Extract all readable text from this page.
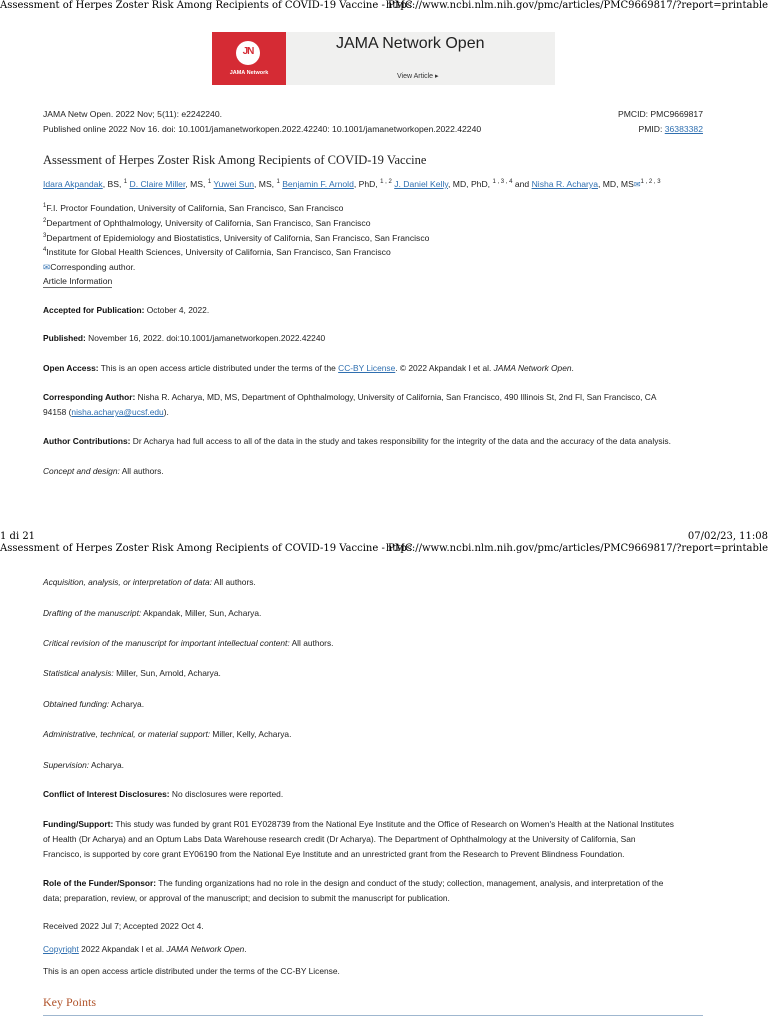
Assessment of Herpes Zoster Risk Among Recipients of COVID-19 Vaccine - PMC
https://www.ncbi.nlm.nih.gov/pmc/articles/PMC9669817/?report=printable
JN
JAMA Network
JAMA Network Open
View Article ▸
JAMA Netw Open. 2022 Nov; 5(11): e2242240.
Published online 2022 Nov 16. doi: 10.1001/jamanetworkopen.2022.42240: 10.1001/jamanetworkopen.2022.42240
PMCID: PMC9669817
PMID: 36383382
Assessment of Herpes Zoster Risk Among Recipients of COVID-19 Vaccine
Idara Akpandak, BS, $^1$ D. Claire Miller, MS, $^1$ Yuwei Sun, MS, $^1$ Benjamin F. Arnold, PhD, $^{1 , 2}$ J. Daniel Kelly, MD, PhD, $^{1 , 3 , 4}$ and Nisha R. Acharya, MD, MS✉$^{1 , 2 , 3}$
$^1$F.I. Proctor Foundation, University of California, San Francisco, San Francisco
$^2$Department of Ophthalmology, University of California, San Francisco, San Francisco
$^3$Department of Epidemiology and Biostatistics, University of California, San Francisco, San Francisco
$^4$Institute for Global Health Sciences, University of California, San Francisco, San Francisco
✉Corresponding author.
Article Information
Accepted for Publication: October 4, 2022.
Published: November 16, 2022. doi:10.1001/jamanetworkopen.2022.42240
Open Access: This is an open access article distributed under the terms of the CC-BY License. © 2022 Akpandak I et al. JAMA Network Open.
Corresponding Author: Nisha R. Acharya, MD, MS, Department of Ophthalmology, University of California, San Francisco, 490 Illinois St, 2nd Fl, San Francisco, CA
94158 (nisha.acharya@ucsf.edu).
Author Contributions: Dr Acharya had full access to all of the data in the study and takes responsibility for the integrity of the data and the accuracy of the data analysis.
Concept and design: All authors.
1 di 21	07/02/23, 11:08
Assessment of Herpes Zoster Risk Among Recipients of COVID-19 Vaccine - PMC
https://www.ncbi.nlm.nih.gov/pmc/articles/PMC9669817/?report=printable
Acquisition, analysis, or interpretation of data: All authors.
Drafting of the manuscript: Akpandak, Miller, Sun, Acharya.
Critical revision of the manuscript for important intellectual content: All authors.
Statistical analysis: Miller, Sun, Arnold, Acharya.
Obtained funding: Acharya.
Administrative, technical, or material support: Miller, Kelly, Acharya.
Supervision: Acharya.
Conflict of Interest Disclosures: No disclosures were reported.
Funding/Support: This study was funded by grant R01 EY028739 from the National Eye Institute and the Office of Research on Women's Health at the National Institutes
of Health (Dr Acharya) and an Optum Labs Data Warehouse research credit (Dr Acharya). The Department of Ophthalmology at the University of California, San
Francisco, is supported by core grant EY06190 from the National Eye Institute and an unrestricted grant from the Research to Prevent Blindness Foundation.
Role of the Funder/Sponsor: The funding organizations had no role in the design and conduct of the study; collection, management, analysis, and interpretation of the
data; preparation, review, or approval of the manuscript; and decision to submit the manuscript for publication.
Received 2022 Jul 7; Accepted 2022 Oct 4.
Copyright 2022 Akpandak I et al. JAMA Network Open.
This is an open access article distributed under the terms of the CC-BY License.
Key Points
